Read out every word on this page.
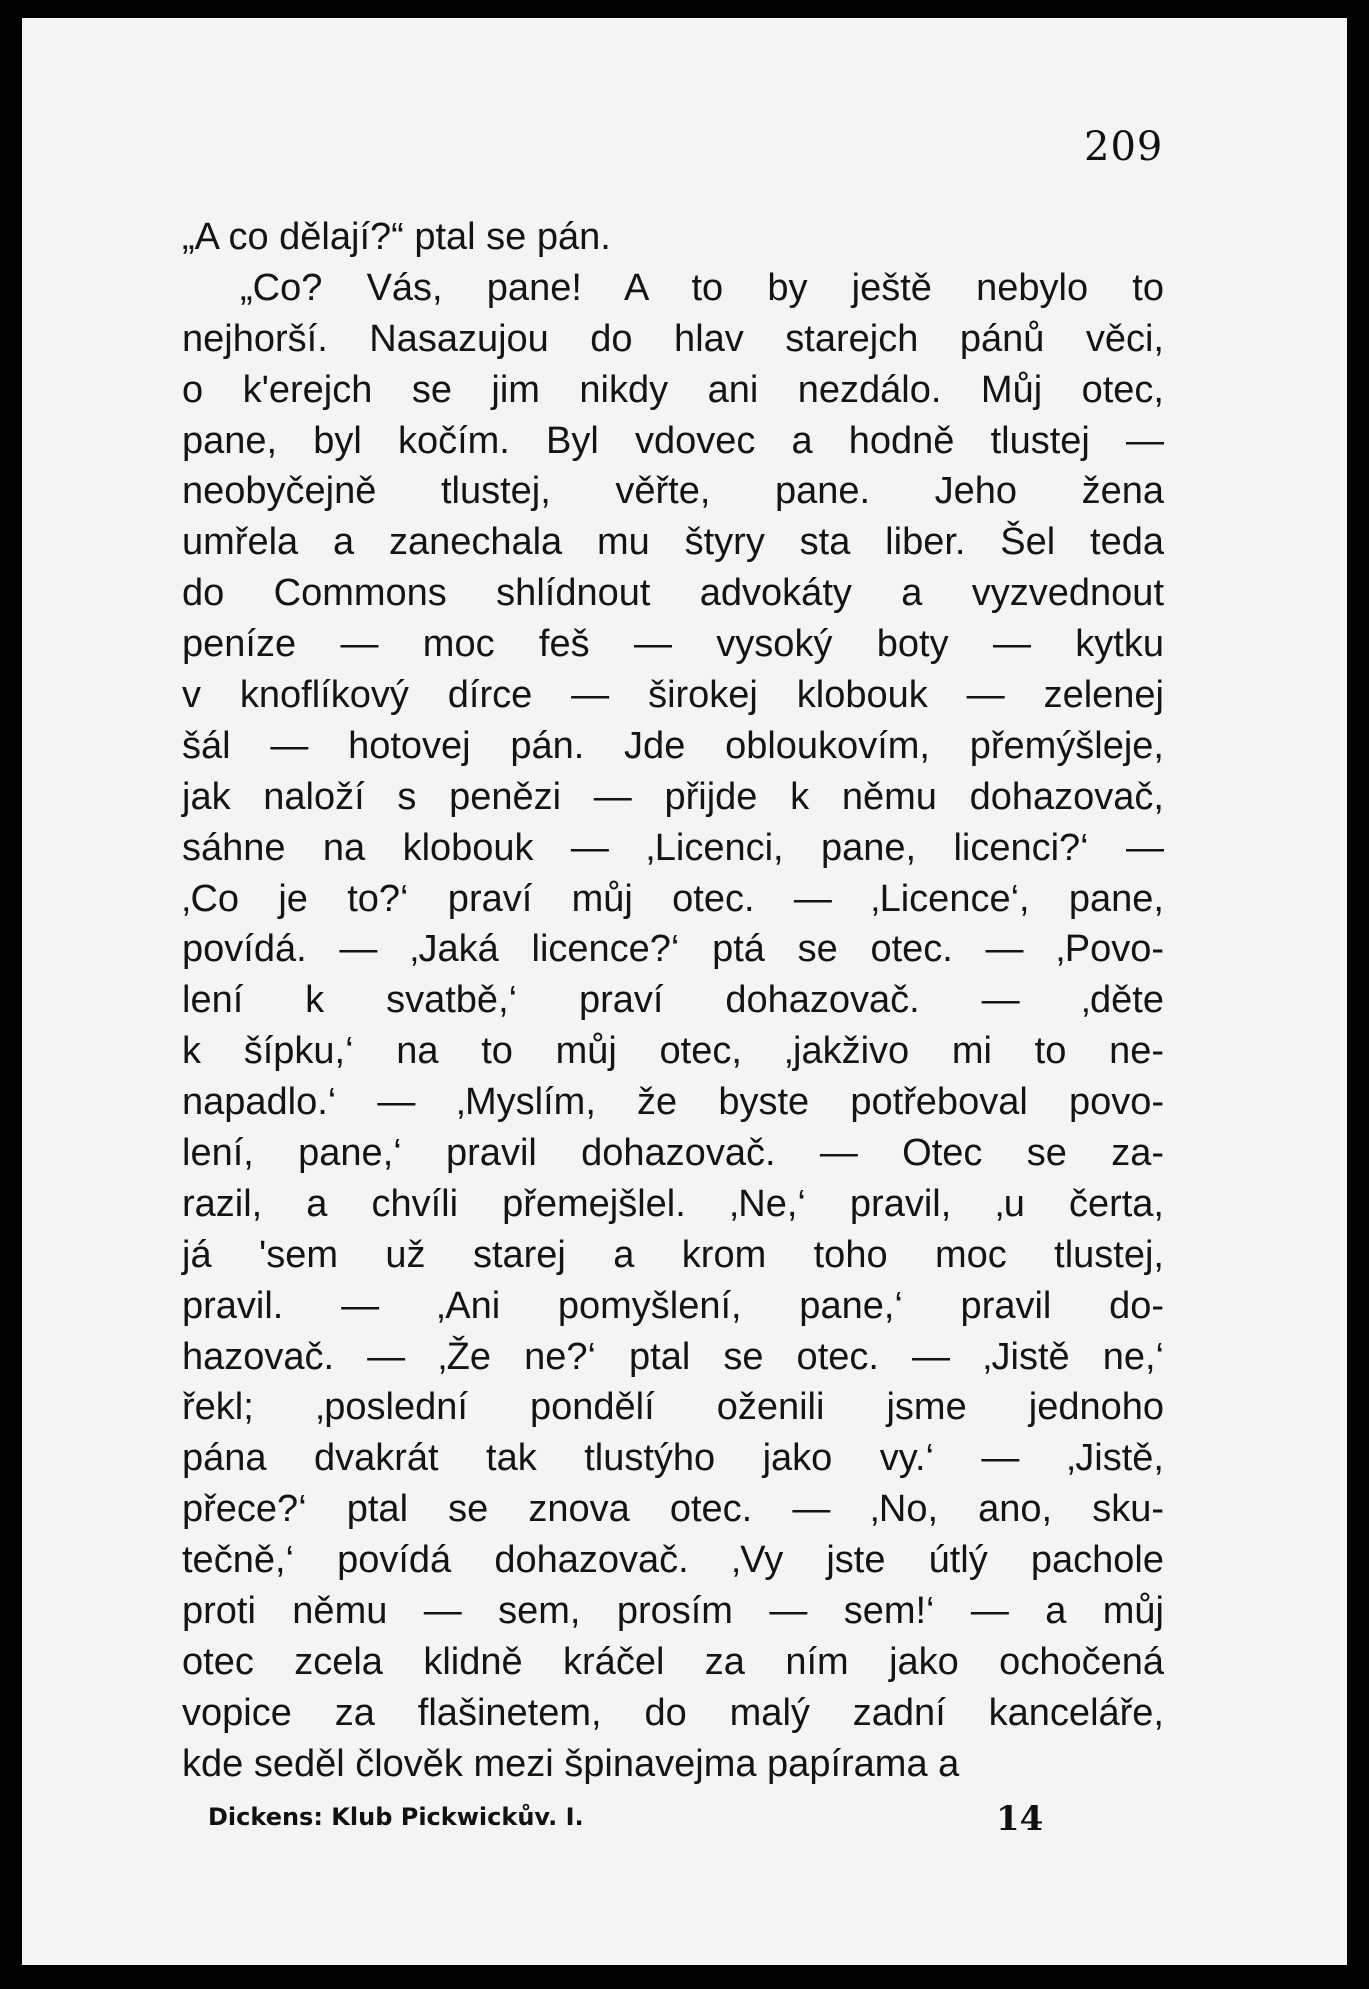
209
„A co dělají?“ ptal se pán.
„Co? Vás, pane! A to by ještě nebylo to
nejhorší. Nasazujou do hlav starejch pánů věci,
o k'erejch se jim nikdy ani nezdálo. Můj otec,
pane, byl kočím. Byl vdovec a hodně tlustej —
neobyčejně tlustej, věřte, pane. Jeho žena
umřela a zanechala mu štyry sta liber. Šel teda
do Commons shlídnout advokáty a vyzvednout
peníze — moc feš — vysoký boty — kytku
v knoflíkový dírce — širokej klobouk — zelenej
šál — hotovej pán. Jde obloukovím, přemýšleje,
jak naloží s penězi — přijde k němu dohazovač,
sáhne na klobouk — ‚Licenci, pane, licenci?‘ —
‚Co je to?‘ praví můj otec. — ‚Licence‘, pane,
povídá. — ‚Jaká licence?‘ ptá se otec. — ‚Povo-
lení k svatbě,‘ praví dohazovač. — ‚děte
k šípku,‘ na to můj otec, ‚jakživo mi to ne-
napadlo.‘ — ‚Myslím, že byste potřeboval povo-
lení, pane,‘ pravil dohazovač. — Otec se za-
razil, a chvíli přemejšlel. ‚Ne,‘ pravil, ‚u čerta,
já 'sem už starej a krom toho moc tlustej,
pravil. — ‚Ani pomyšlení, pane,‘ pravil do-
hazovač. — ‚Že ne?‘ ptal se otec. — ‚Jistě ne,‘
řekl; ‚poslední pondělí oženili jsme jednoho
pána dvakrát tak tlustýho jako vy.‘ — ‚Jistě,
přece?‘ ptal se znova otec. — ‚No, ano, sku-
tečně,‘ povídá dohazovač. ‚Vy jste útlý pachole
proti němu — sem, prosím — sem!‘ — a můj
otec zcela klidně kráčel za ním jako ochočená
vopice za flašinetem, do malý zadní kanceláře,
kde seděl člověk mezi špinavejma papírama a
Dickens: Klub Pickwickův. I.	14
